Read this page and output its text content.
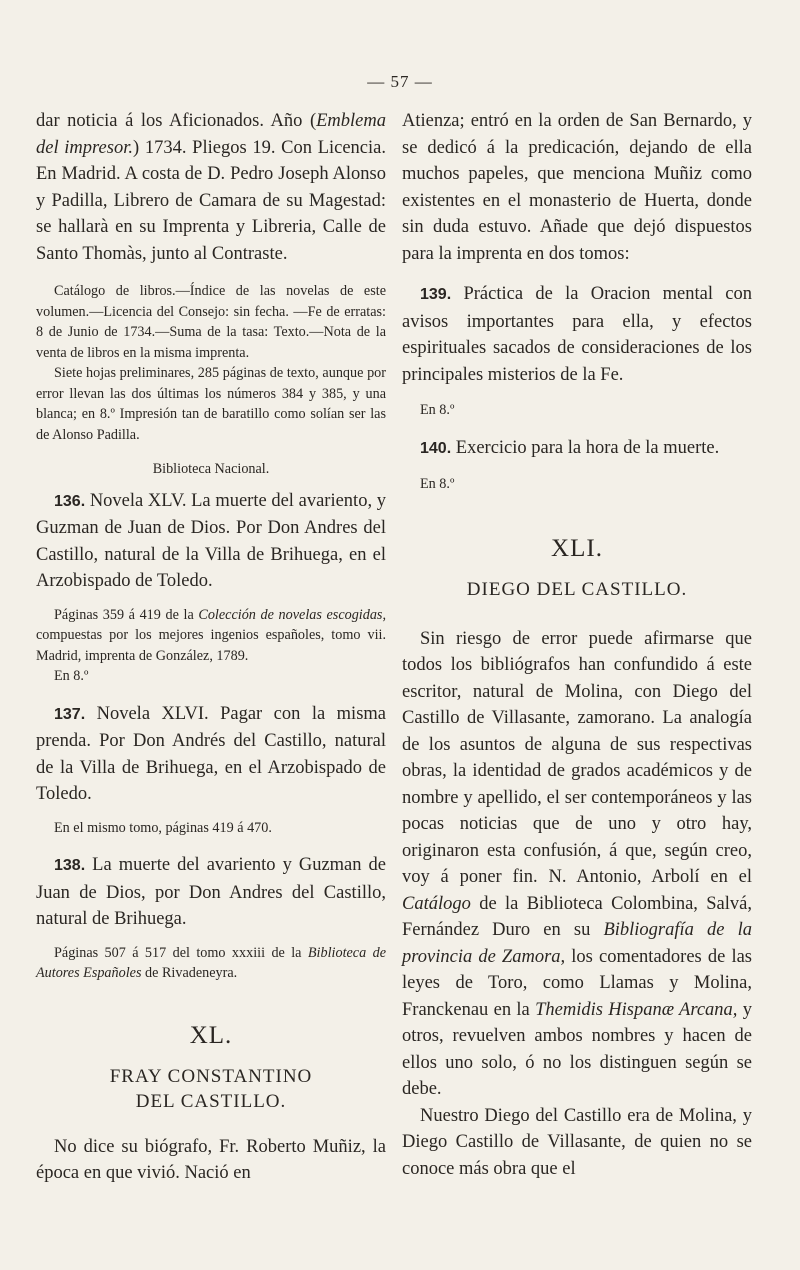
— 57 —

dar noticia á los Aficionados. Año (Emblema del impresor.) 1734. Pliegos 19. Con Licencia. En Madrid. A costa de D. Pedro Joseph Alonso y Padilla, Librero de Camara de su Magestad: se hallarà en su Imprenta y Libreria, Calle de Santo Thomàs, junto al Contraste.

Catálogo de libros.—Índice de las novelas de este volumen.—Licencia del Consejo: sin fecha. —Fe de erratas: 8 de Junio de 1734.—Suma de la tasa: Texto.—Nota de la venta de libros en la misma imprenta.

Siete hojas preliminares, 285 páginas de texto, aunque por error llevan las dos últimas los números 384 y 385, y una blanca; en 8.º Impresión tan de baratillo como solían ser las de Alonso Padilla.

Biblioteca Nacional.

136. Novela XLV. La muerte del avariento, y Guzman de Juan de Dios. Por Don Andres del Castillo, natural de la Villa de Brihuega, en el Arzobispado de Toledo.

Páginas 359 á 419 de la Colección de novelas escogidas, compuestas por los mejores ingenios españoles, tomo vii. Madrid, imprenta de González, 1789.

En 8.º

137. Novela XLVI. Pagar con la misma prenda. Por Don Andrés del Castillo, natural de la Villa de Brihuega, en el Arzobispado de Toledo.

En el mismo tomo, páginas 419 á 470.

138. La muerte del avariento y Guzman de Juan de Dios, por Don Andres del Castillo, natural de Brihuega.

Páginas 507 á 517 del tomo xxxiii de la Biblioteca de Autores Españoles de Rivadeneyra.

XL.

FRAY CONSTANTINO

DEL CASTILLO.

No dice su biógrafo, Fr. Roberto Muñiz, la época en que vivió. Nació en

Atienza; entró en la orden de San Bernardo, y se dedicó á la predicación, dejando de ella muchos papeles, que menciona Muñiz como existentes en el monasterio de Huerta, donde sin duda estuvo. Añade que dejó dispuestos para la imprenta en dos tomos:

139. Práctica de la Oracion mental con avisos importantes para ella, y efectos espirituales sacados de consideraciones de los principales misterios de la Fe.

En 8.º

140. Exercicio para la hora de la muerte.

En 8.º

XLI.

DIEGO DEL CASTILLO.

Sin riesgo de error puede afirmarse que todos los bibliógrafos han confundido á este escritor, natural de Molina, con Diego del Castillo de Villasante, zamorano. La analogía de los asuntos de alguna de sus respectivas obras, la identidad de grados académicos y de nombre y apellido, el ser contemporáneos y las pocas noticias que de uno y otro hay, originaron esta confusión, á que, según creo, voy á poner fin. N. Antonio, Arbolí en el Catálogo de la Biblioteca Colombina, Salvá, Fernández Duro en su Bibliografía de la provincia de Zamora, los comentadores de las leyes de Toro, como Llamas y Molina, Franckenau en la Themidis Hispanæ Arcana, y otros, revuelven ambos nombres y hacen de ellos uno solo, ó no los distinguen según se debe.

Nuestro Diego del Castillo era de Molina, y Diego Castillo de Villasante, de quien no se conoce más obra que el
